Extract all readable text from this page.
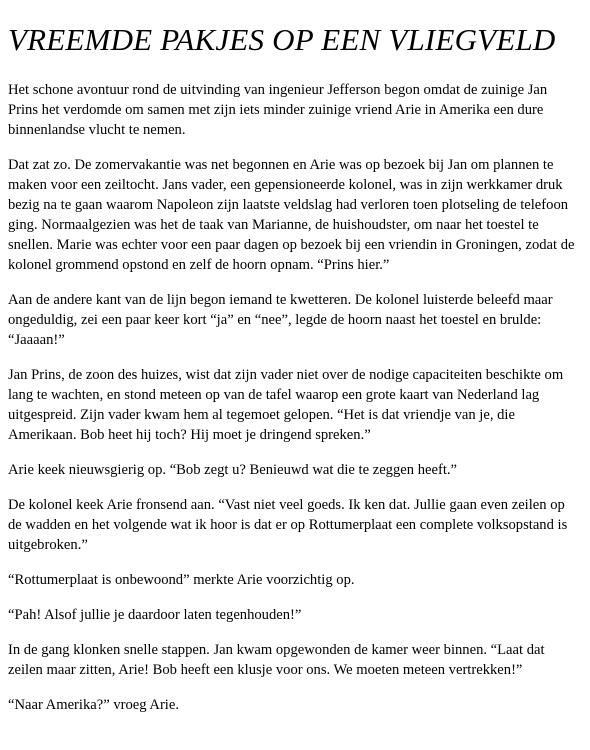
VREEMDE PAKJES OP EEN VLIEGVELD

Het schone avontuur rond de uitvinding van ingenieur Jefferson begon omdat de zuinige Jan Prins het verdomde om samen met zijn iets minder zuinige vriend Arie in Amerika een dure binnenlandse vlucht te nemen.

Dat zat zo. De zomervakantie was net begonnen en Arie was op bezoek bij Jan om plannen te maken voor een zeiltocht. Jans vader, een gepensioneerde kolonel, was in zijn werkkamer druk bezig na te gaan waarom Napoleon zijn laatste veldslag had verloren toen plotseling de telefoon ging. Normaalgezien was het de taak van Marianne, de huishoudster, om naar het toestel te snellen. Marie was echter voor een paar dagen op bezoek bij een vriendin in Groningen, zodat de kolonel grommend opstond en zelf de hoorn opnam. “Prins hier.”

Aan de andere kant van de lijn begon iemand te kwetteren. De kolonel luisterde beleefd maar ongeduldig, zei een paar keer kort “ja” en “nee”, legde de hoorn naast het toestel en brulde: “Jaaaan!”

Jan Prins, de zoon des huizes, wist dat zijn vader niet over de nodige capaciteiten beschikte om lang te wachten, en stond meteen op van de tafel waarop een grote kaart van Nederland lag uitgespreid. Zijn vader kwam hem al tegemoet gelopen. “Het is dat vriendje van je, die Amerikaan. Bob heet hij toch? Hij moet je dringend spreken.”

Arie keek nieuwsgierig op. “Bob zegt u? Benieuwd wat die te zeggen heeft.”

De kolonel keek Arie fronsend aan. “Vast niet veel goeds. Ik ken dat. Jullie gaan even zeilen op de wadden en het volgende wat ik hoor is dat er op Rottumerplaat een complete volksopstand is uitgebroken.”

“Rottumerplaat is onbewoond” merkte Arie voorzichtig op.

“Pah! Alsof jullie je daardoor laten tegenhouden!”

In de gang klonken snelle stappen. Jan kwam opgewonden de kamer weer binnen. “Laat dat zeilen maar zitten, Arie! Bob heeft een klusje voor ons. We moeten meteen vertrekken!”

“Naar Amerika?” vroeg Arie.
